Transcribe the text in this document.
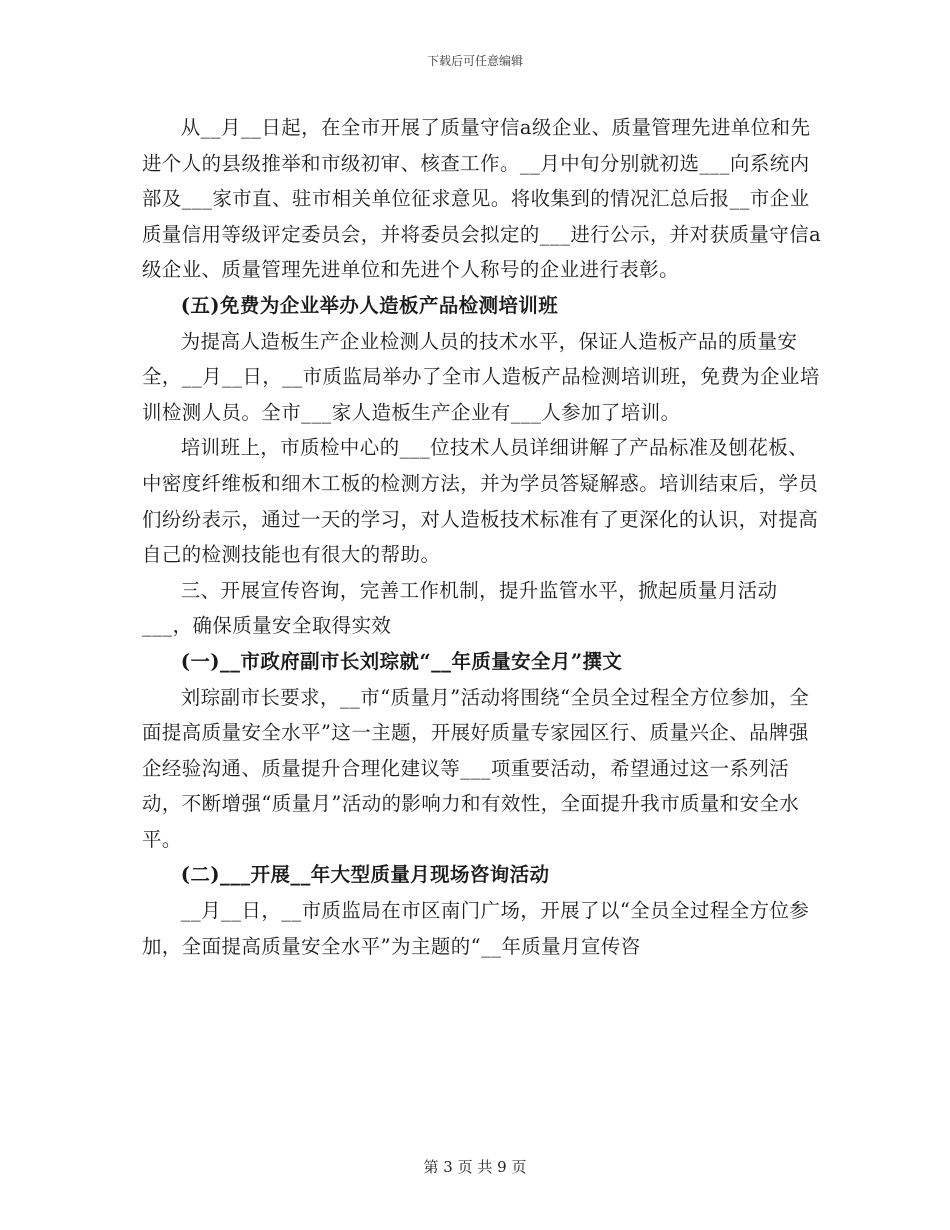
下载后可任意编辑

从__月__日起，在全市开展了质量守信a级企业、质量管理先进单位和先进个人的县级推举和市级初审、核查工作。__月中旬分别就初选___向系统内部及___家市直、驻市相关单位征求意见。将收集到的情况汇总后报__市企业质量信用等级评定委员会，并将委员会拟定的___进行公示，并对获质量守信a级企业、质量管理先进单位和先进个人称号的企业进行表彰。

(五)免费为企业举办人造板产品检测培训班

为提高人造板生产企业检测人员的技术水平，保证人造板产品的质量安全，__月__日，__市质监局举办了全市人造板产品检测培训班，免费为企业培训检测人员。全市___家人造板生产企业有___人参加了培训。

培训班上，市质检中心的___位技术人员详细讲解了产品标准及刨花板、中密度纤维板和细木工板的检测方法，并为学员答疑解惑。培训结束后，学员们纷纷表示，通过一天的学习，对人造板技术标准有了更深化的认识，对提高自己的检测技能也有很大的帮助。

三、开展宣传咨询，完善工作机制，提升监管水平，掀起质量月活动___，确保质量安全取得实效

(一)__市政府副市长刘琮就“__年质量安全月”撰文

刘琮副市长要求，__市“质量月”活动将围绕“全员全过程全方位参加，全面提高质量安全水平”这一主题，开展好质量专家园区行、质量兴企、品牌强企经验沟通、质量提升合理化建议等___项重要活动，希望通过这一系列活动，不断增强“质量月”活动的影响力和有效性，全面提升我市质量和安全水平。

(二)___开展__年大型质量月现场咨询活动

__月__日，__市质监局在市区南门广场，开展了以“全员全过程全方位参加，全面提高质量安全水平”为主题的“__年质量月宣传咨

第 3 页 共 9 页
